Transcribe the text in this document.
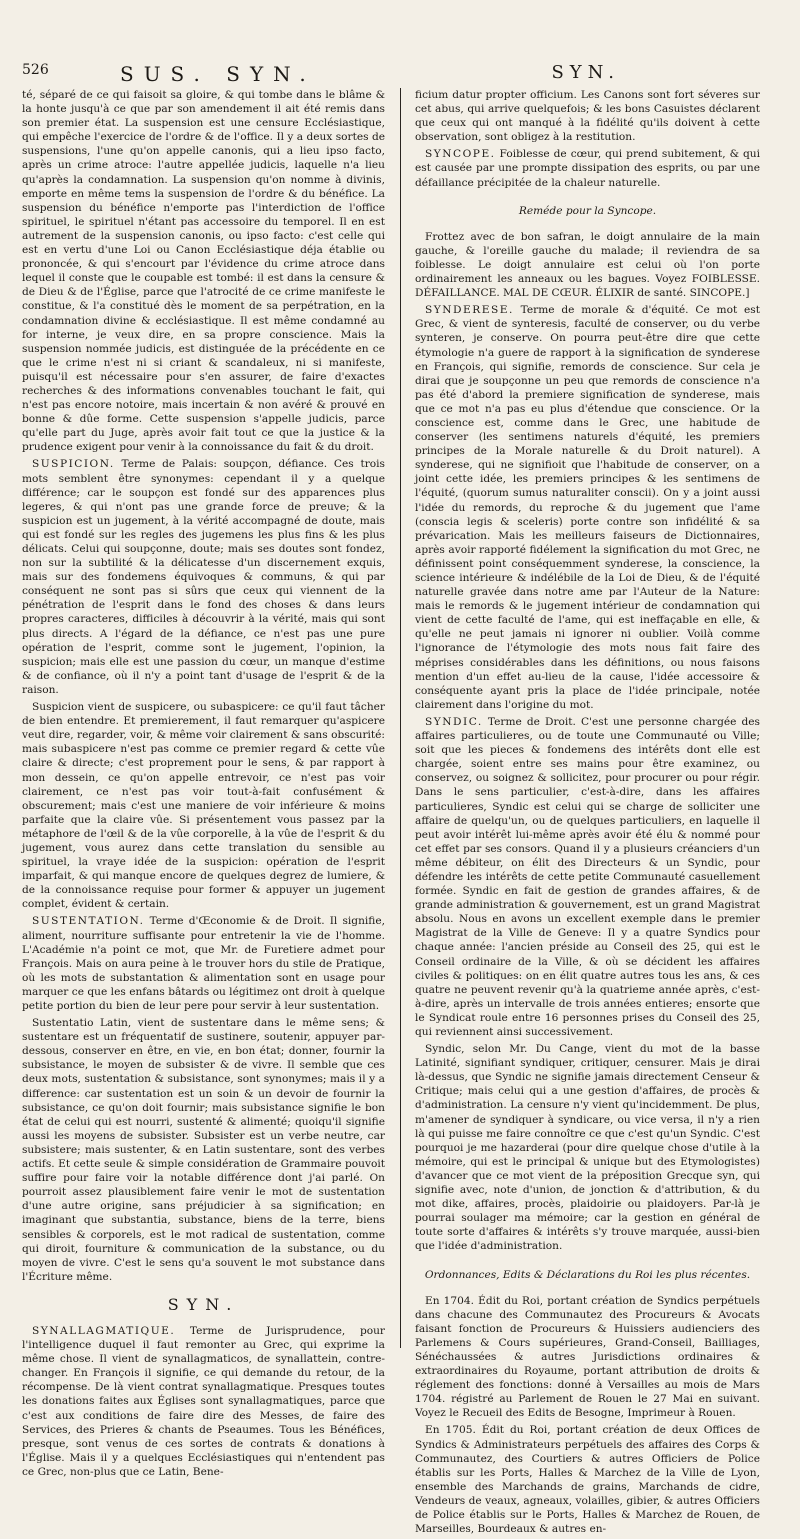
526	SUS. SYN.	SYN.

té, séparé de ce qui faisoit sa gloire, & qui tombe dans le blâme & la honte jusqu'à ce que par son amendement il ait été remis dans son premier état. La suspension est une censure Ecclésiastique, qui empêche l'exercice de l'ordre & de l'office. Il y a deux sortes de suspensions, l'une qu'on appelle canonis, qui a lieu ipso facto, après un crime atroce: l'autre appellée judicis, laquelle n'a lieu qu'après la condamnation. La suspension qu'on nomme à divinis, emporte en même tems la suspension de l'ordre & du bénéfice. La suspension du bénéfice n'emporte pas l'interdiction de l'office spirituel, le spirituel n'étant pas accessoire du temporel. Il en est autrement de la suspension canonis, ou ipso facto: c'est celle qui est en vertu d'une Loi ou Canon Ecclésiastique déja établie ou prononcée, & qui s'encourt par l'évidence du crime atroce dans lequel il conste que le coupable est tombé: il est dans la censure & de Dieu & de l'Église, parce que l'atrocité de ce crime manifeste le constitue, & l'a constitué dès le moment de sa perpétration, en la condamnation divine & ecclésiastique. Il est même condamné au for interne, je veux dire, en sa propre conscience. Mais la suspension nommée judicis, est distinguée de la précédente en ce que le crime n'est ni si criant & scandaleux, ni si manifeste, puisqu'il est nécessaire pour s'en assurer, de faire d'exactes recherches & des informations convenables touchant le fait, qui n'est pas encore notoire, mais incertain & non avéré & prouvé en bonne & dûe forme. Cette suspension s'appelle judicis, parce qu'elle part du Juge, après avoir fait tout ce que la justice & la prudence exigent pour venir à la connoissance du fait & du droit.

SUSPICION. Terme de Palais: soupçon, défiance. Ces trois mots semblent être synonymes: cependant il y a quelque différence; car le soupçon est fondé sur des apparences plus legeres, & qui n'ont pas une grande force de preuve; & la suspicion est un jugement, à la vérité accompagné de doute, mais qui est fondé sur les regles des jugemens les plus fins & les plus délicats. Celui qui soupçonne, doute; mais ses doutes sont fondez, non sur la subtilité & la délicatesse d'un discernement exquis, mais sur des fondemens équivoques & communs, & qui par conséquent ne sont pas si sûrs que ceux qui viennent de la pénétration de l'esprit dans le fond des choses & dans leurs propres caracteres, difficiles à découvrir à la vérité, mais qui sont plus directs. A l'égard de la défiance, ce n'est pas une pure opération de l'esprit, comme sont le jugement, l'opinion, la suspicion; mais elle est une passion du cœur, un manque d'estime & de confiance, où il n'y a point tant d'usage de l'esprit & de la raison.

Suspicion vient de suspicere, ou subaspicere: ce qu'il faut tâcher de bien entendre. Et premierement, il faut remarquer qu'aspicere veut dire, regarder, voir, & même voir clairement & sans obscurité: mais subaspicere n'est pas comme ce premier regard & cette vûe claire & directe; c'est proprement pour le sens, & par rapport à mon dessein, ce qu'on appelle entrevoir, ce n'est pas voir clairement, ce n'est pas voir tout-à-fait confusément & obscurement; mais c'est une maniere de voir inférieure & moins parfaite que la claire vûe. Si présentement vous passez par la métaphore de l'œil & de la vûe corporelle, à la vûe de l'esprit & du jugement, vous aurez dans cette translation du sensible au spirituel, la vraye idée de la suspicion: opération de l'esprit imparfait, & qui manque encore de quelques degrez de lumiere, & de la connoissance requise pour former & appuyer un jugement complet, évident & certain.

SUSTENTATION. Terme d'Œconomie & de Droit. Il signifie, aliment, nourriture suffisante pour entretenir la vie de l'homme. L'Académie n'a point ce mot, que Mr. de Furetiere admet pour François. Mais on aura peine à le trouver hors du stile de Pratique, où les mots de substantation & alimentation sont en usage pour marquer ce que les enfans bâtards ou légitimez ont droit à quelque petite portion du bien de leur pere pour servir à leur sustentation.

Sustentatio Latin, vient de sustentare dans le même sens; & sustentare est un fréquentatif de sustinere, soutenir, appuyer par-dessous, conserver en être, en vie, en bon état; donner, fournir la subsistance, le moyen de subsister & de vivre. Il semble que ces deux mots, sustentation & subsistance, sont synonymes; mais il y a difference: car sustentation est un soin & un devoir de fournir la subsistance, ce qu'on doit fournir; mais subsistance signifie le bon état de celui qui est nourri, sustenté & alimenté; quoiqu'il signifie aussi les moyens de subsister. Subsister est un verbe neutre, car subsistere; mais sustenter, & en Latin sustentare, sont des verbes actifs. Et cette seule & simple considération de Grammaire pouvoit suffire pour faire voir la notable différence dont j'ai parlé. On pourroit assez plausiblement faire venir le mot de sustentation d'une autre origine, sans préjudicier à sa signification; en imaginant que substantia, substance, biens de la terre, biens sensibles & corporels, est le mot radical de sustentation, comme qui diroit, fourniture & communication de la substance, ou du moyen de vivre. C'est le sens qu'a souvent le mot substance dans l'Écriture même.

SYN.

SYNALLAGMATIQUE. Terme de Jurisprudence, pour l'intelligence duquel il faut remonter au Grec, qui exprime la même chose. Il vient de synallagmaticos, de synallattein, contre-changer. En François il signifie, ce qui demande du retour, de la récompense. De là vient contrat synallagmatique. Presques toutes les donations faites aux Églises sont synallagmatiques, parce que c'est aux conditions de faire dire des Messes, de faire des Services, des Prieres & chants de Pseaumes. Tous les Bénéfices, presque, sont venus de ces sortes de contrats & donations à l'Église. Mais il y a quelques Ecclésiastiques qui n'entendent pas ce Grec, non-plus que ce Latin, Bene-

ficium datur propter officium. Les Canons sont fort séveres sur cet abus, qui arrive quelquefois; & les bons Casuistes déclarent que ceux qui ont manqué à la fidélité qu'ils doivent à cette observation, sont obligez à la restitution.

SYNCOPE. Foiblesse de cœur, qui prend subitement, & qui est causée par une prompte dissipation des esprits, ou par une défaillance précipitée de la chaleur naturelle.

Reméde pour la Syncope.

Frottez avec de bon safran, le doigt annulaire de la main gauche, & l'oreille gauche du malade; il reviendra de sa foiblesse. Le doigt annulaire est celui où l'on porte ordinairement les anneaux ou les bagues. Voyez FOIBLESSE. DÉFAILLANCE. MAL DE CŒUR. ÉLIXIR de santé. SINCOPE.]

SYNDERESE. Terme de morale & d'équité. Ce mot est Grec, & vient de synteresis, faculté de conserver, ou du verbe synteren, je conserve. On pourra peut-être dire que cette étymologie n'a guere de rapport à la signification de synderese en François, qui signifie, remords de conscience. Sur cela je dirai que je soupçonne un peu que remords de conscience n'a pas été d'abord la premiere signification de synderese, mais que ce mot n'a pas eu plus d'étendue que conscience. Or la conscience est, comme dans le Grec, une habitude de conserver (les sentimens naturels d'équité, les premiers principes de la Morale naturelle & du Droit naturel). A synderese, qui ne signifioit que l'habitude de conserver, on a joint cette idée, les premiers principes & les sentimens de l'équité, (quorum sumus naturaliter conscii). On y a joint aussi l'idée du remords, du reproche & du jugement que l'ame (conscia legis & sceleris) porte contre son infidélité & sa prévarication. Mais les meilleurs faiseurs de Dictionnaires, après avoir rapporté fidélement la signification du mot Grec, ne définissent point conséquemment synderese, la conscience, la science intérieure & indélébile de la Loi de Dieu, & de l'équité naturelle gravée dans notre ame par l'Auteur de la Nature: mais le remords & le jugement intérieur de condamnation qui vient de cette faculté de l'ame, qui est ineffaçable en elle, & qu'elle ne peut jamais ni ignorer ni oublier. Voilà comme l'ignorance de l'étymologie des mots nous fait faire des méprises considérables dans les définitions, ou nous faisons mention d'un effet au-lieu de la cause, l'idée accessoire & conséquente ayant pris la place de l'idée principale, notée clairement dans l'origine du mot.

SYNDIC. Terme de Droit. C'est une personne chargée des affaires particulieres, ou de toute une Communauté ou Ville; soit que les pieces & fondemens des intérêts dont elle est chargée, soient entre ses mains pour être examinez, ou conservez, ou soignez & sollicitez, pour procurer ou pour régir. Dans le sens particulier, c'est-à-dire, dans les affaires particulieres, Syndic est celui qui se charge de solliciter une affaire de quelqu'un, ou de quelques particuliers, en laquelle il peut avoir intérêt lui-même après avoir été élu & nommé pour cet effet par ses consors. Quand il y a plusieurs créanciers d'un même débiteur, on élit des Directeurs & un Syndic, pour défendre les intérêts de cette petite Communauté casuellement formée. Syndic en fait de gestion de grandes affaires, & de grande administration & gouvernement, est un grand Magistrat absolu. Nous en avons un excellent exemple dans le premier Magistrat de la Ville de Geneve: Il y a quatre Syndics pour chaque année: l'ancien préside au Conseil des 25, qui est le Conseil ordinaire de la Ville, & où se décident les affaires civiles & politiques: on en élit quatre autres tous les ans, & ces quatre ne peuvent revenir qu'à la quatrieme année après, c'est-à-dire, après un intervalle de trois années entieres; ensorte que le Syndicat roule entre 16 personnes prises du Conseil des 25, qui reviennent ainsi successivement.

Syndic, selon Mr. Du Cange, vient du mot de la basse Latinité, signifiant syndiquer, critiquer, censurer. Mais je dirai là-dessus, que Syndic ne signifie jamais directement Censeur & Critique; mais celui qui a une gestion d'affaires, de procès & d'administration. La censure n'y vient qu'incidemment. De plus, m'amener de syndiquer à syndicare, ou vice versa, il n'y a rien là qui puisse me faire connoître ce que c'est qu'un Syndic. C'est pourquoi je me hazarderai (pour dire quelque chose d'utile à la mémoire, qui est le principal & unique but des Etymologistes) d'avancer que ce mot vient de la préposition Grecque syn, qui signifie avec, note d'union, de jonction & d'attribution, & du mot dike, affaires, procès, plaidoirie ou plaidoyers. Par-là je pourrai soulager ma mémoire; car la gestion en général de toute sorte d'affaires & intérêts s'y trouve marquée, aussi-bien que l'idée d'administration.

Ordonnances, Edits & Déclarations du Roi les plus récentes.

En 1704. Édit du Roi, portant création de Syndics perpétuels dans chacune des Communautez des Procureurs & Avocats faisant fonction de Procureurs & Huissiers audienciers des Parlemens & Cours supérieures, Grand-Conseil, Bailliages, Sénéchaussées & autres Jurisdictions ordinaires & extraordinaires du Royaume, portant attribution de droits & réglement des fonctions: donné à Versailles au mois de Mars 1704. régistré au Parlement de Rouen le 27 Mai en suivant. Voyez le Recueil des Edits de Besogne, Imprimeur à Rouen.

En 1705. Édit du Roi, portant création de deux Offices de Syndics & Administrateurs perpétuels des affaires des Corps & Communautez, des Courtiers & autres Officiers de Police établis sur les Ports, Halles & Marchez de la Ville de Lyon, ensemble des Marchands de grains, Marchands de cidre, Vendeurs de veaux, agneaux, volailles, gibier, & autres Officiers de Police établis sur le Ports, Halles & Marchez de Rouen, de Marseilles, Bourdeaux & autres en-
